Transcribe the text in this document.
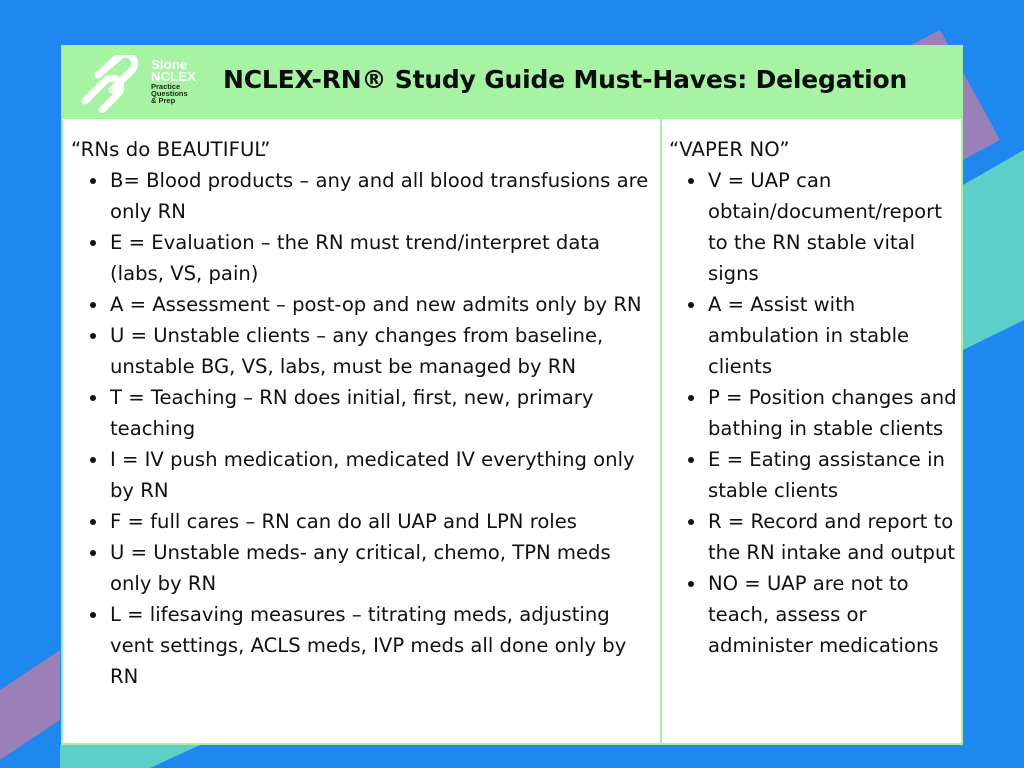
Slone
NCLEX
Practice
Questions
& Prep
NCLEX-RN® Study Guide Must-Haves: Delegation
“RNs do BEAUTIFUL”
B= Blood products – any and all blood transfusions are only RN
E = Evaluation – the RN must trend/interpret data (labs, VS, pain)
A = Assessment – post-op and new admits only by RN
U = Unstable clients – any changes from baseline, unstable BG, VS, labs, must be managed by RN
T = Teaching – RN does initial, first, new, primary teaching
I = IV push medication, medicated IV everything only by RN
F = full cares – RN can do all UAP and LPN roles
U = Unstable meds- any critical, chemo, TPN meds only by RN
L = lifesaving measures – titrating meds, adjusting vent settings, ACLS meds, IVP meds all done only by RN
“VAPER NO”
V = UAP can obtain/document/report to the RN stable vital signs
A = Assist with ambulation in stable clients
P = Position changes and bathing in stable clients
E = Eating assistance in stable clients
R = Record and report to the RN intake and output
NO = UAP are not to teach, assess or administer medications
